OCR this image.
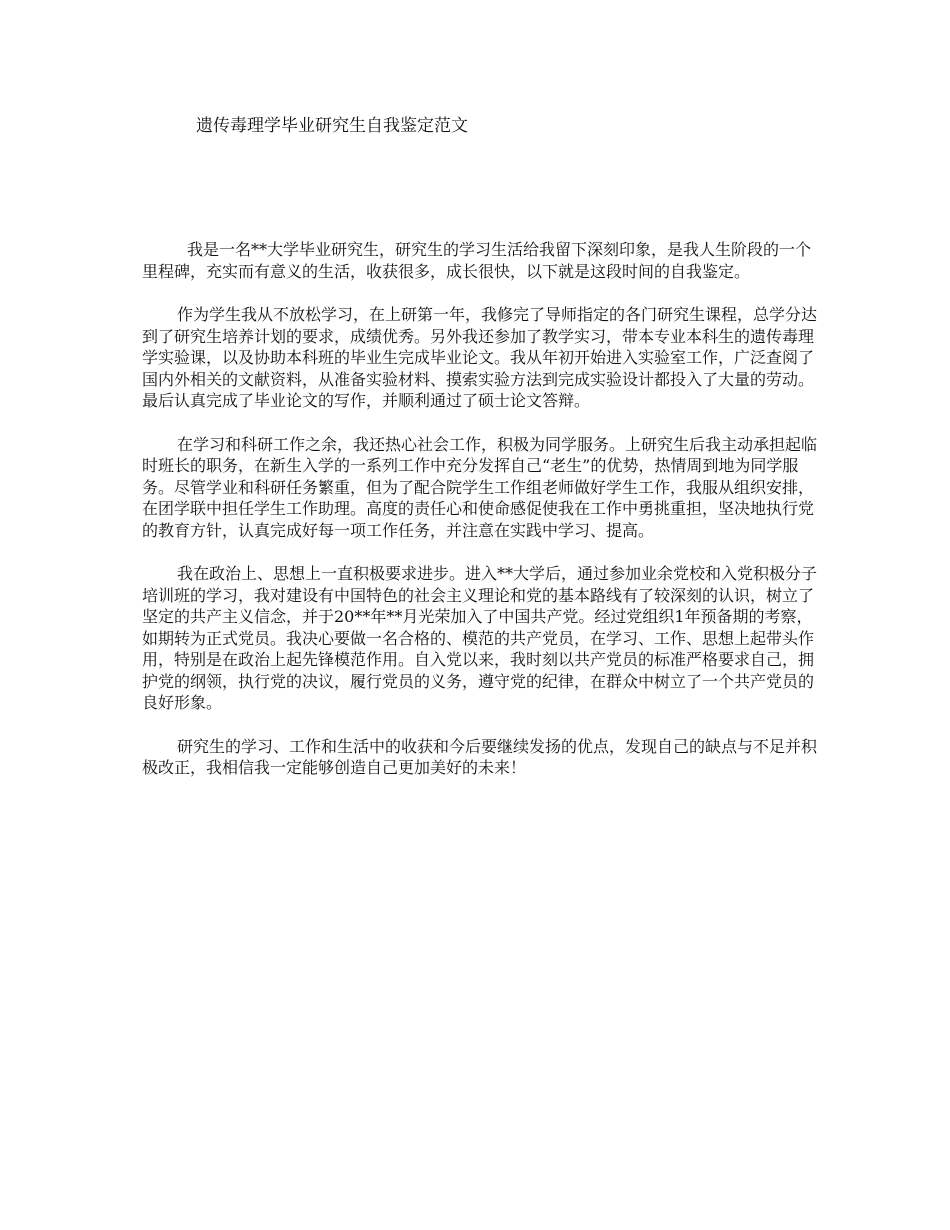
遗传毒理学毕业研究生自我鉴定范文

我是一名**大学毕业研究生，研究生的学习生活给我留下深刻印象，是我人生阶段的一个里程碑，充实而有意义的生活，收获很多，成长很快，以下就是这段时间的自我鉴定。

作为学生我从不放松学习，在上研第一年，我修完了导师指定的各门研究生课程，总学分达到了研究生培养计划的要求，成绩优秀。另外我还参加了教学实习，带本专业本科生的遗传毒理学实验课，以及协助本科班的毕业生完成毕业论文。我从年初开始进入实验室工作，广泛查阅了国内外相关的文献资料，从准备实验材料、摸索实验方法到完成实验设计都投入了大量的劳动。最后认真完成了毕业论文的写作，并顺利通过了硕士论文答辩。

在学习和科研工作之余，我还热心社会工作，积极为同学服务。上研究生后我主动承担起临时班长的职务，在新生入学的一系列工作中充分发挥自己“老生”的优势，热情周到地为同学服务。尽管学业和科研任务繁重，但为了配合院学生工作组老师做好学生工作，我服从组织安排，在团学联中担任学生工作助理。高度的责任心和使命感促使我在工作中勇挑重担，坚决地执行党的教育方针，认真完成好每一项工作任务，并注意在实践中学习、提高。

我在政治上、思想上一直积极要求进步。进入**大学后，通过参加业余党校和入党积极分子培训班的学习，我对建设有中国特色的社会主义理论和党的基本路线有了较深刻的认识，树立了坚定的共产主义信念，并于20**年**月光荣加入了中国共产党。经过党组织1年预备期的考察，如期转为正式党员。我决心要做一名合格的、模范的共产党员，在学习、工作、思想上起带头作用，特别是在政治上起先锋模范作用。自入党以来，我时刻以共产党员的标准严格要求自己，拥护党的纲领，执行党的决议，履行党员的义务，遵守党的纪律，在群众中树立了一个共产党员的良好形象。

研究生的学习、工作和生活中的收获和今后要继续发扬的优点，发现自己的缺点与不足并积极改正，我相信我一定能够创造自己更加美好的未来！
